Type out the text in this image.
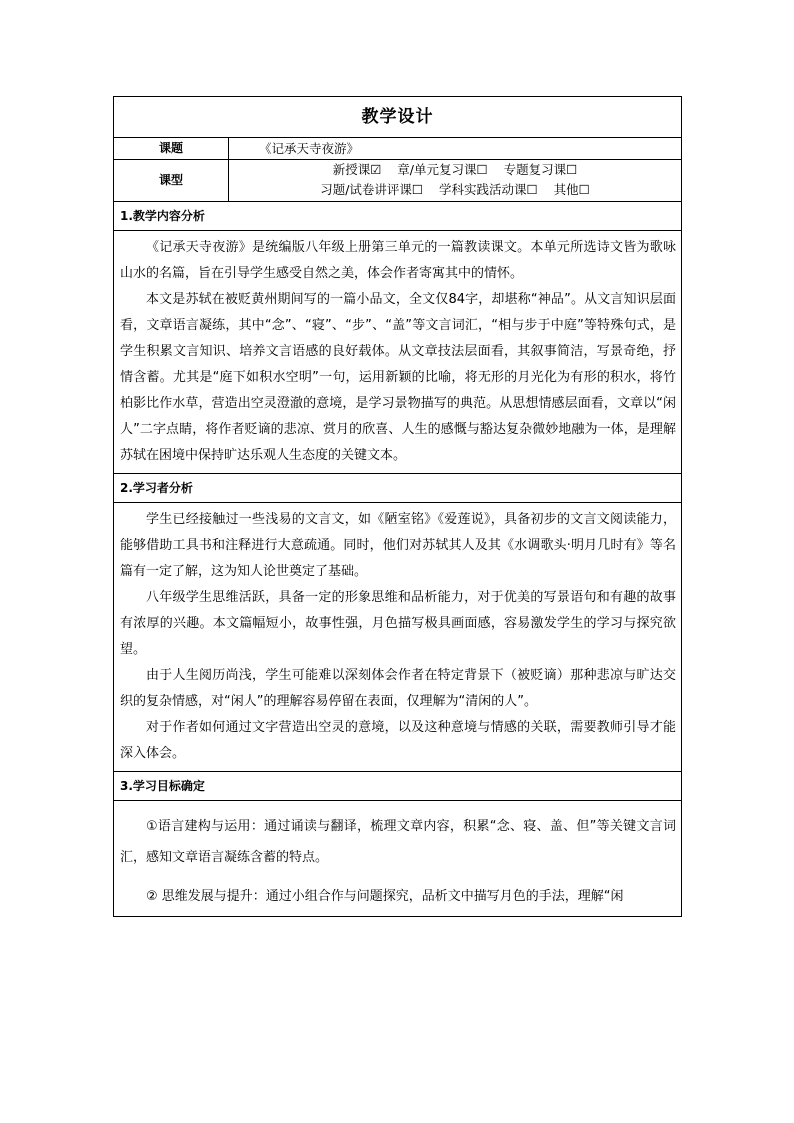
教学设计	
课题	《记承天寺夜游》
课型	新授课☑    章/单元复习课☐    专题复习课☐
习题/试卷讲评课☐    学科实践活动课☐    其他☐

1.教学内容分析	

《记承天寺夜游》是统编版八年级上册第三单元的一篇教读课文。本单元所选诗文皆为歌咏山水的名篇，旨在引导学生感受自然之美，体会作者寄寓其中的情怀。

本文是苏轼在被贬黄州期间写的一篇小品文，全文仅84字，却堪称“神品”。从文言知识层面看，文章语言凝练，其中“念”、“寝”、“步”、“盖”等文言词汇，“相与步于中庭”等特殊句式，是学生积累文言知识、培养文言语感的良好载体。从文章技法层面看，其叙事简洁，写景奇绝，抒情含蓄。尤其是“庭下如积水空明”一句，运用新颖的比喻，将无形的月光化为有形的积水，将竹柏影比作水草，营造出空灵澄澈的意境，是学习景物描写的典范。从思想情感层面看，文章以“闲人”二字点睛，将作者贬谪的悲凉、赏月的欣喜、人生的感慨与豁达复杂微妙地融为一体，是理解苏轼在困境中保持旷达乐观人生态度的关键文本。	

2.学习者分析	

学生已经接触过一些浅易的文言文，如《陋室铭》《爱莲说》，具备初步的文言文阅读能力，能够借助工具书和注释进行大意疏通。同时，他们对苏轼其人及其《水调歌头·明月几时有》等名篇有一定了解，这为知人论世奠定了基础。

八年级学生思维活跃，具备一定的形象思维和品析能力，对于优美的写景语句和有趣的故事有浓厚的兴趣。本文篇幅短小，故事性强，月色描写极具画面感，容易激发学生的学习与探究欲望。

由于人生阅历尚浅，学生可能难以深刻体会作者在特定背景下（被贬谪）那种悲凉与旷达交织的复杂情感，对“闲人”的理解容易停留在表面，仅理解为“清闲的人”。

对于作者如何通过文字营造出空灵的意境，以及这种意境与情感的关联，需要教师引导才能深入体会。	

3.学习目标确定	

①语言建构与运用：通过诵读与翻译，梳理文章内容，积累“念、寝、盖、但”等关键文言词汇，感知文章语言凝练含蓄的特点。

② 思维发展与提升：通过小组合作与问题探究，品析文中描写月色的手法，理解“闲	
